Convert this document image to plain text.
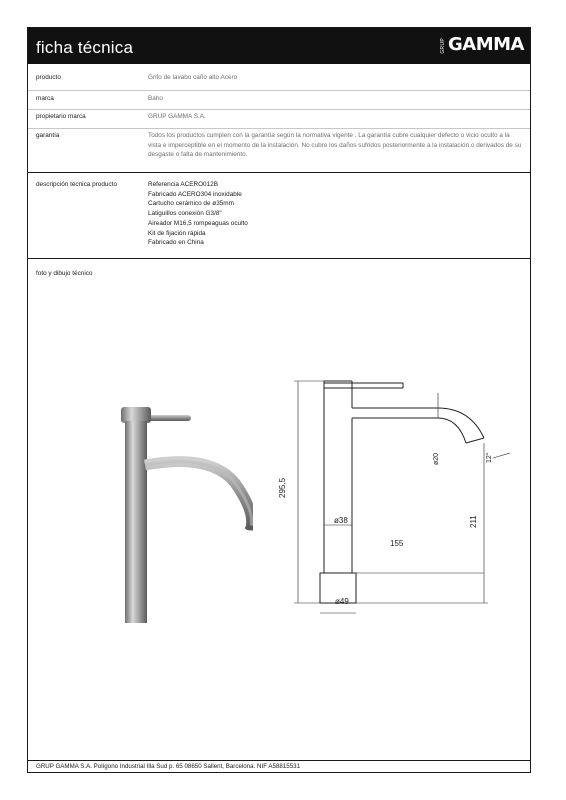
ficha técnica	GRUP GAMMA
producto	Grifo de lavabo caño alto Acero
marca	Baho
propietario marca	GRUP GAMMA S.A.
garantía	Todos los productos cumplen con la garantía según la normativa vigente . La garantía cubre cualquier defecto o vicio oculto a la vista e imperceptible en el momento de la instalación. No cubre los daños sufridos posteriormente a la instalación o derivados de su desgaste o falta de mantenimiento.
descripción técnica producto	Referencia ACERO012B
Fabricado ACERO304 inoxidable
Cartucho cerámico de ø35mm
Latiguillos conexión G3/8"
Aireador M16,5 rompeaguas oculto
Kit de fijación rápida
Fabricado en China
foto y dibujo técnico
295,5
211
155
ø38
ø49
ø20	12°
GRUP GAMMA S.A. Polígono Industrial Illa Sud p. 65 08650 Sallent, Barcelona. NIF A58815531
